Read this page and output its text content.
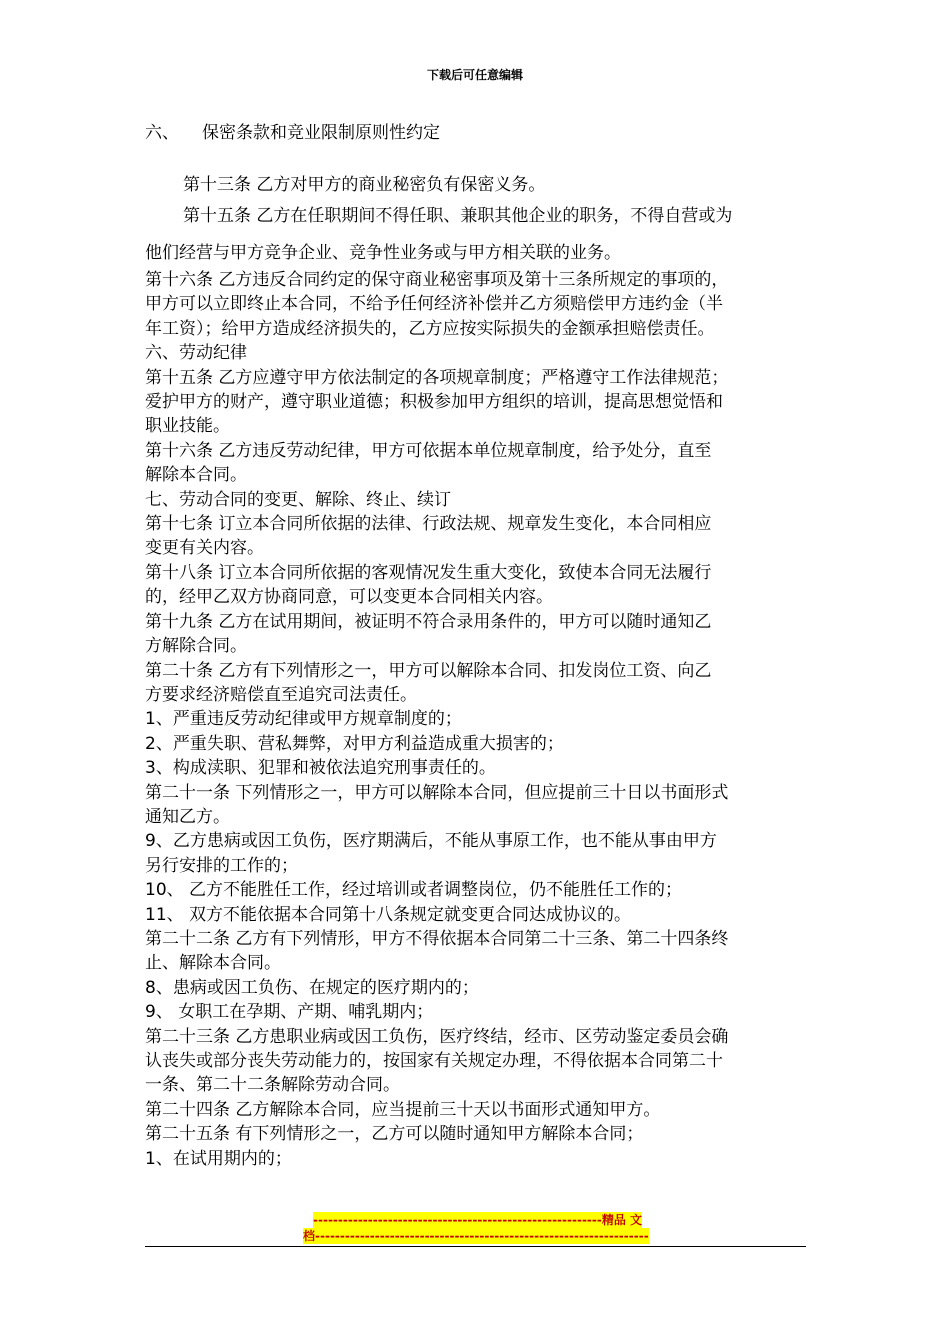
下载后可任意编辑
六、 保密条款和竞业限制原则性约定
第十三条 乙方对甲方的商业秘密负有保密义务。
第十五条 乙方在任职期间不得任职、兼职其他企业的职务，不得自营或为
他们经营与甲方竞争企业、竞争性业务或与甲方相关联的业务。

第十六条 乙方违反合同约定的保守商业秘密事项及第十三条所规定的事项的，

甲方可以立即终止本合同，不给予任何经济补偿并乙方须赔偿甲方违约金（半

年工资）；给甲方造成经济损失的，乙方应按实际损失的金额承担赔偿责任。

六、劳动纪律

第十五条 乙方应遵守甲方依法制定的各项规章制度；严格遵守工作法律规范；

爱护甲方的财产，遵守职业道德；积极参加甲方组织的培训，提高思想觉悟和

职业技能。

第十六条 乙方违反劳动纪律，甲方可依据本单位规章制度，给予处分，直至

解除本合同。

七、劳动合同的变更、解除、终止、续订

第十七条 订立本合同所依据的法律、行政法规、规章发生变化，本合同相应

变更有关内容。

第十八条 订立本合同所依据的客观情况发生重大变化，致使本合同无法履行

的，经甲乙双方协商同意，可以变更本合同相关内容。

第十九条 乙方在试用期间，被证明不符合录用条件的，甲方可以随时通知乙

方解除合同。

第二十条 乙方有下列情形之一，甲方可以解除本合同、扣发岗位工资、向乙

方要求经济赔偿直至追究司法责任。

1、严重违反劳动纪律或甲方规章制度的；

2、严重失职、营私舞弊，对甲方利益造成重大损害的；

3、构成渎职、犯罪和被依法追究刑事责任的。

第二十一条 下列情形之一，甲方可以解除本合同，但应提前三十日以书面形式

通知乙方。

9、乙方患病或因工负伤，医疗期满后，不能从事原工作，也不能从事由甲方

另行安排的工作的；

10、 乙方不能胜任工作，经过培训或者调整岗位，仍不能胜任工作的；

11、 双方不能依据本合同第十八条规定就变更合同达成协议的。

第二十二条 乙方有下列情形，甲方不得依据本合同第二十三条、第二十四条终

止、解除本合同。

8、患病或因工负伤、在规定的医疗期内的；

9、 女职工在孕期、产期、哺乳期内；

第二十三条 乙方患职业病或因工负伤，医疗终结，经市、区劳动鉴定委员会确

认丧失或部分丧失劳动能力的，按国家有关规定办理，不得依据本合同第二十

一条、第二十二条解除劳动合同。

第二十四条 乙方解除本合同，应当提前三十天以书面形式通知甲方。

第二十五条 有下列情形之一，乙方可以随时通知甲方解除本合同；

1、在试用期内的；

----------------------------------------------------------精品 文
档-------------------------------------------------------------------
